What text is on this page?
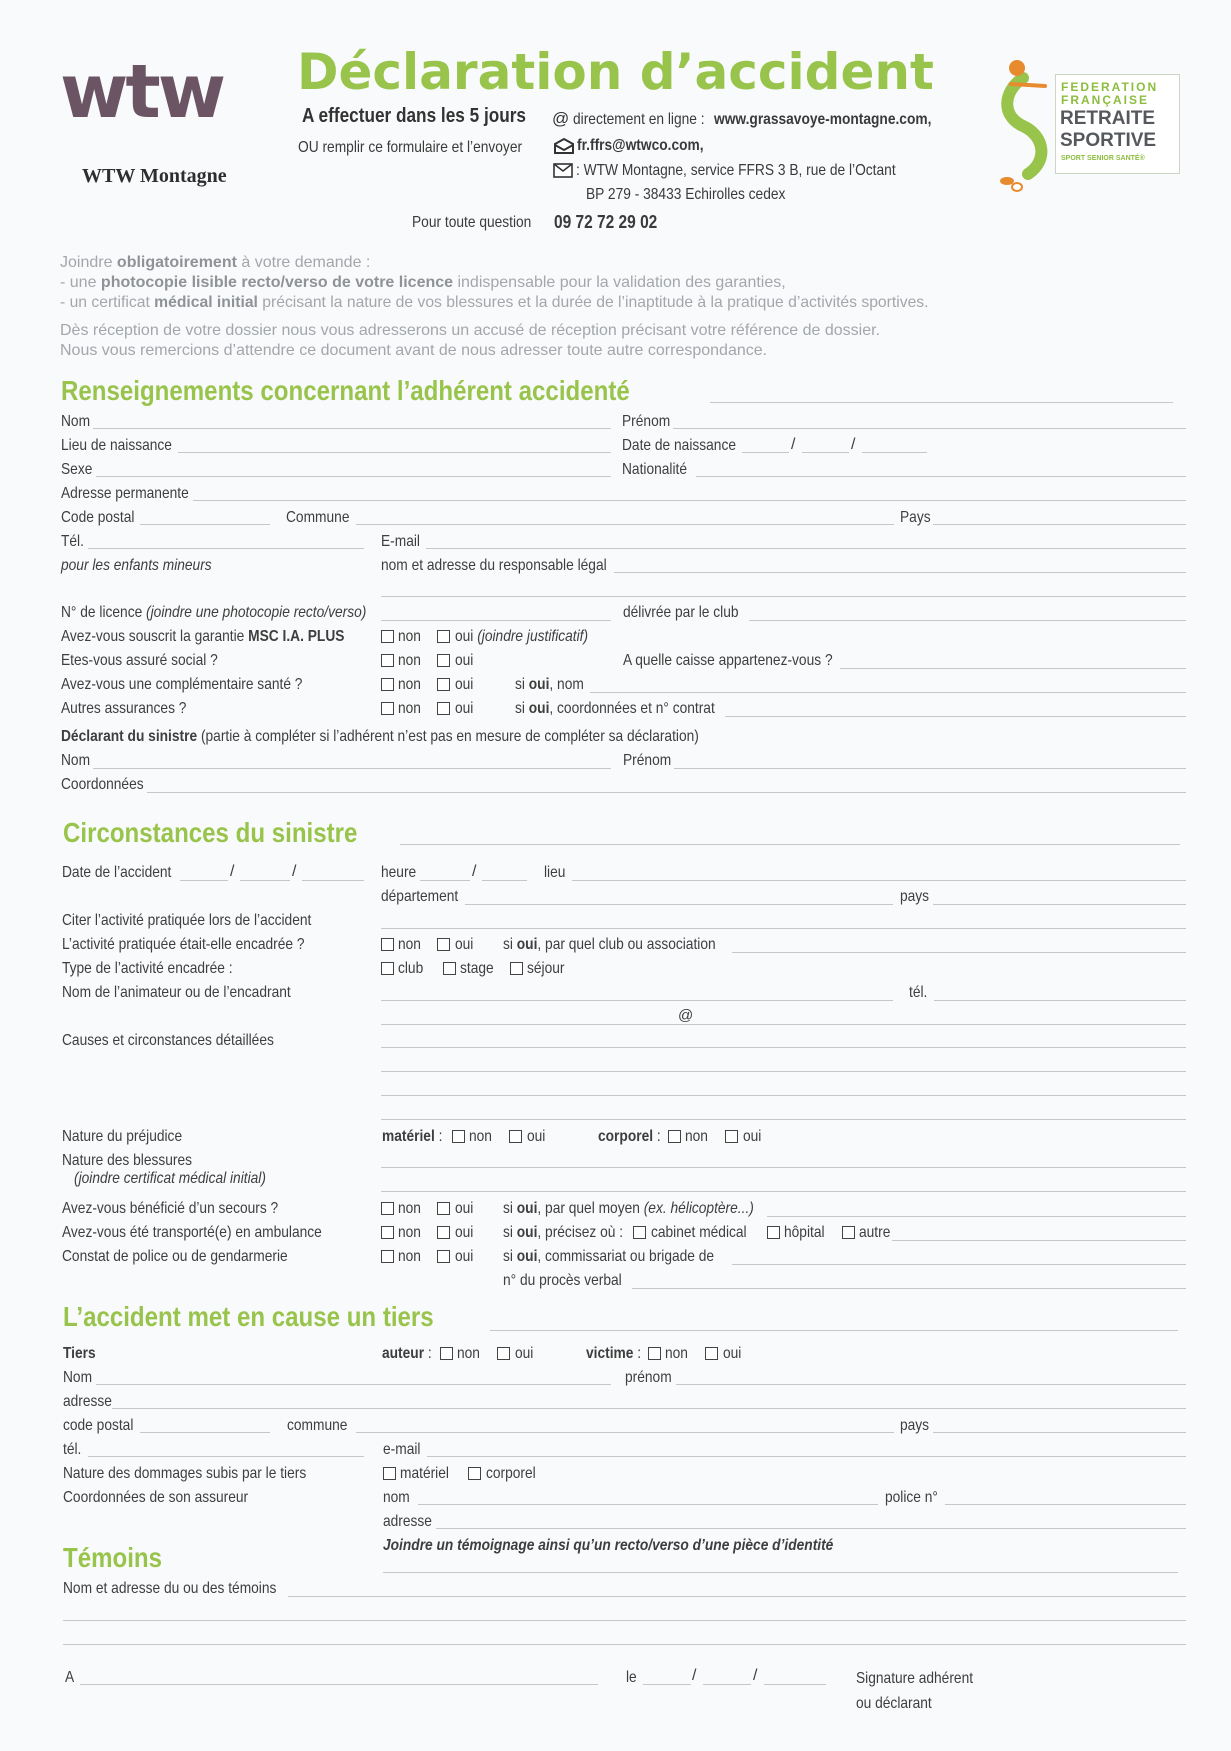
wtw
WTW Montagne
Déclaration d’accident
A effectuer dans les 5 jours
OU remplir ce formulaire et l’envoyer
@ directement en ligne : www.grassavoye-montagne.com,
fr.ffrs@wtwco.com,
: WTW Montagne, service FFRS 3 B, rue de l’Octant
BP 279 - 38433 Echirolles cedex
Pour toute question 09 72 72 29 02
FEDERATION
FRANÇAISE
RETRAITE
SPORTIVE
SPORT SENIOR SANTÉ®
Joindre obligatoirement à votre demande :
- une photocopie lisible recto/verso de votre licence indispensable pour la validation des garanties,
- un certificat médical initial précisant la nature de vos blessures et la durée de l’inaptitude à la pratique d’activités sportives.
Dès réception de votre dossier nous vous adresserons un accusé de réception précisant votre référence de dossier.
Nous vous remercions d’attendre ce document avant de nous adresser toute autre correspondance.
Renseignements concernant l’adhérent accidenté
Nom	Prénom
Lieu de naissance	Date de naissance	/	/
Sexe	Nationalité
Adresse permanente
Code postal	Commune	Pays
Tél.	E-mail
pour les enfants mineurs	nom et adresse du responsable légal
N° de licence (joindre une photocopie recto/verso)	délivrée par le club
Avez-vous souscrit la garantie MSC I.A. PLUS	non oui (joindre justificatif)
Etes-vous assuré social ?	non oui	A quelle caisse appartenez-vous ?
Avez-vous une complémentaire santé ?	non oui	si oui, nom
Autres assurances ?	non oui	si oui, coordonnées et n° contrat
Déclarant du sinistre (partie à compléter si l’adhérent n’est pas en mesure de compléter sa déclaration)
Nom	Prénom
Coordonnées
Circonstances du sinistre
Date de l’accident	/	/	heure	/	lieu
département	pays
Citer l’activité pratiquée lors de l’accident
L’activité pratiquée était-elle encadrée ?	non oui si oui, par quel club ou association
Type de l’activité encadrée :	club stage séjour
Nom de l’animateur ou de l’encadrant	tél.
@
Causes et circonstances détaillées
Nature du préjudice	matériel : non oui	corporel : non oui
Nature des blessures
(joindre certificat médical initial)
Avez-vous bénéficié d’un secours ?	non oui si oui, par quel moyen (ex. hélicoptère...)
Avez-vous été transporté(e) en ambulance	non oui si oui, précisez où : cabinet médical hôpital autre
Constat de police ou de gendarmerie	non oui si oui, commissariat ou brigade de
n° du procès verbal
L’accident met en cause un tiers
Tiers	auteur : non oui	victime : non oui
Nom	prénom
adresse
code postal	commune	pays
tél.	e-mail
Nature des dommages subis par le tiers	matériel corporel
Coordonnées de son assureur	nom	police n°
adresse
Témoins	Joindre un témoignage ainsi qu’un recto/verso d’une pièce d’identité
Nom et adresse du ou des témoins
A	le	/	/	Signature adhérent
ou déclarant
